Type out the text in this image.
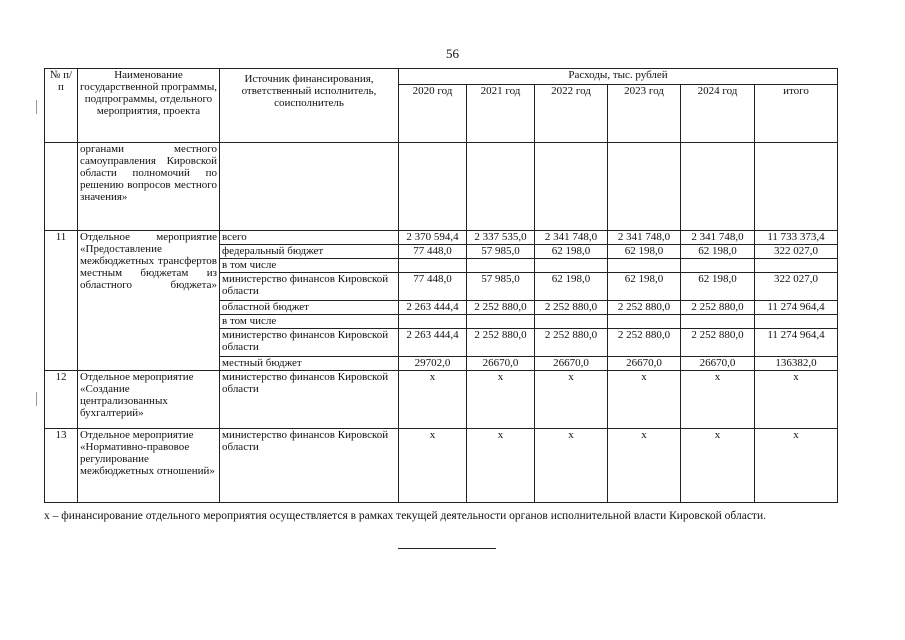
56
№ п/п	Наименование государственной программы, подпрограммы, отдельного мероприятия, проекта	Источник финансирования, ответственный исполнитель, соисполнитель	Расходы, тыс. рублей					
			2020 год	2021 год	2022 год	2023 год	2024 год	итого
	органами местного самоуправления Кировской области полномочий по решению вопросов местного значения»							
11	Отдельное мероприятие «Предоставление межбюджетных трансфертов местным бюджетам из областного бюджета»	всего	2 370 594,4	2 337 535,0	2 341 748,0	2 341 748,0	2 341 748,0	11 733 373,4
		федеральный бюджет	77 448,0	57 985,0	62 198,0	62 198,0	62 198,0	322 027,0
		в том числе						
		министерство финансов Кировской области	77 448,0	57 985,0	62 198,0	62 198,0	62 198,0	322 027,0
		областной бюджет	2 263 444,4	2 252 880,0	2 252 880,0	2 252 880,0	2 252 880,0	11 274 964,4
		в том числе						
		министерство финансов Кировской области	2 263 444,4	2 252 880,0	2 252 880,0	2 252 880,0	2 252 880,0	11 274 964,4
		местный бюджет	29702,0	26670,0	26670,0	26670,0	26670,0	136382,0
12	Отдельное мероприятие «Создание централизованных бухгалтерий»	министерство финансов Кировской области	х	х	х	х	х	х
13	Отдельное мероприятие «Нормативно-правовое регулирование межбюджетных отношений»	министерство финансов Кировской области	х	х	х	х	х	х
х – финансирование отдельного мероприятия осуществляется в рамках текущей деятельности органов исполнительной власти Кировской области.
